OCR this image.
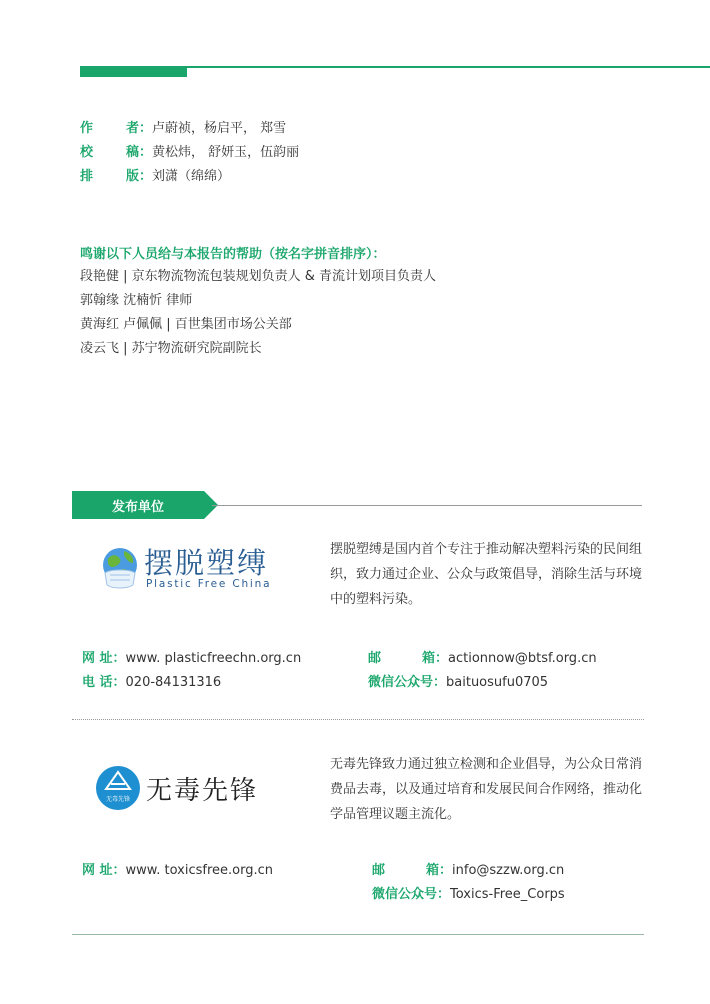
作	者：卢蔚祯，杨启平， 郑雪
校	稿：黄松炜， 舒妍玉，伍韵丽
排	版：刘潇（绵绵）
鸣谢以下人员给与本报告的帮助（按名字拼音排序）：
段艳健 | 京东物流物流包装规划负责人 & 青流计划项目负责人
郭翰缘 沈楠忻 律师
黄海红 卢佩佩 | 百世集团市场公关部
凌云飞 | 苏宁物流研究院副院长
发布单位
摆脱塑缚
Plastic Free China
摆脱塑缚是国内首个专注于推动解决塑料污染的民间组织，致力通过企业、公众与政策倡导，消除生活与环境中的塑料污染。
网 址：www. plasticfreechn.org.cn
电 话：020-84131316
邮	箱：actionnow@btsf.org.cn
微信公众号：baituosufu0705
无毒先锋 无毒先锋
无毒先锋致力通过独立检测和企业倡导，为公众日常消费品去毒，以及通过培育和发展民间合作网络，推动化学品管理议题主流化。
网 址：www. toxicsfree.org.cn	邮	箱：info@szzw.org.cn
微信公众号：Toxics-Free_Corps
